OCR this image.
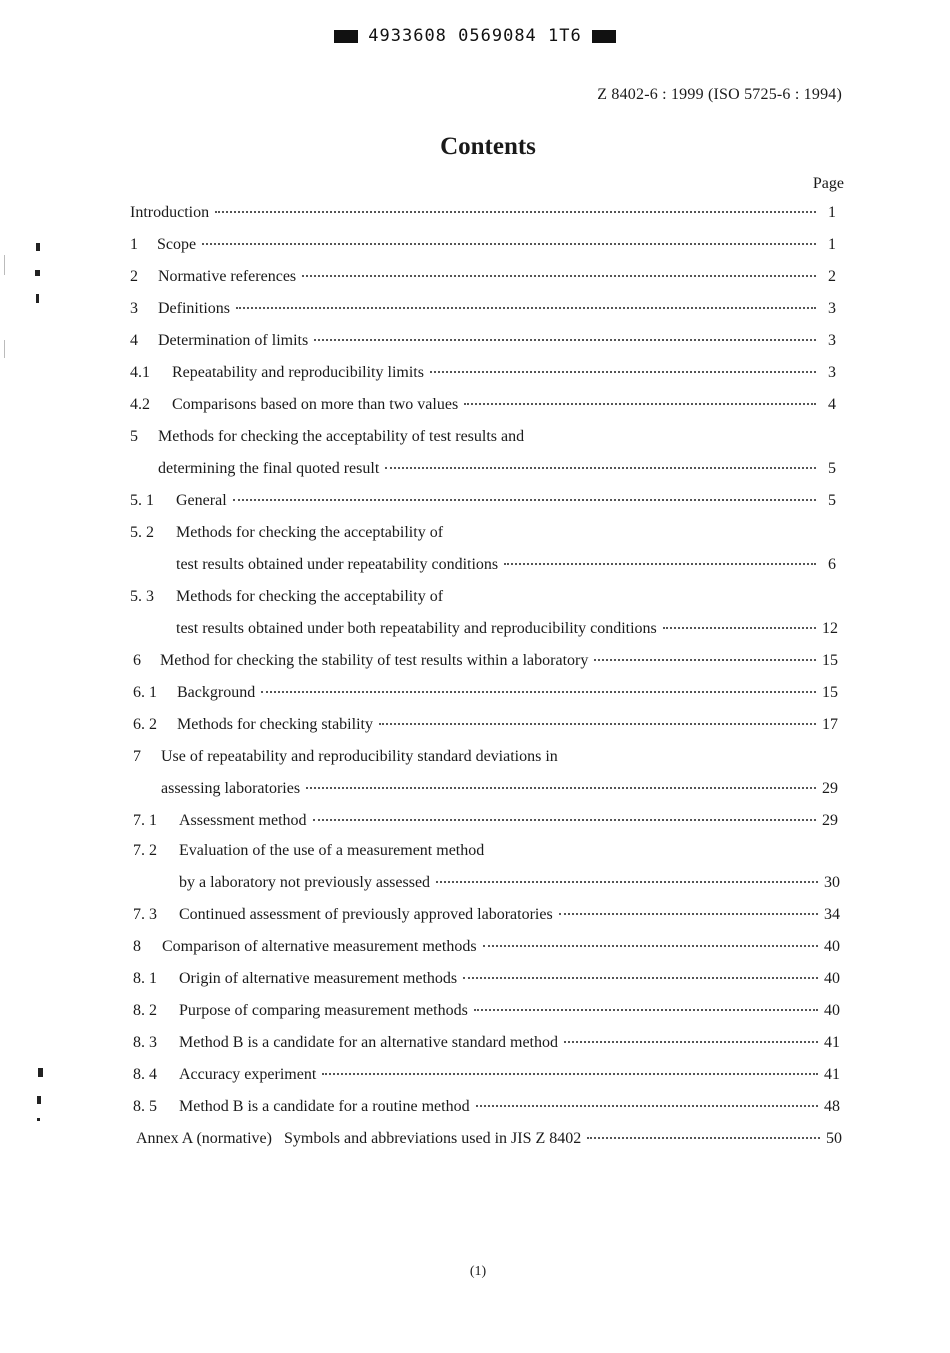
4933608 0569084 1T6
Z 8402-6 : 1999 (ISO 5725-6 : 1994)
Contents
Page
Introduction	1
1	Scope	1
2	Normative references	2
3	Definitions	3
4	Determination of limits	3
4.1	Repeatability and reproducibility limits	3
4.2	Comparisons based on more than two values	4
5	Methods for checking the acceptability of test results and
determining the final quoted result	5
5. 1	General	5
5. 2	Methods for checking the acceptability of
test results obtained under repeatability conditions	6
5. 3	Methods for checking the acceptability of
test results obtained under both repeatability and reproducibility conditions	12
6	Method for checking the stability of test results within a laboratory	15
6. 1	Background	15
6. 2	Methods for checking stability	17
7	Use of repeatability and reproducibility standard deviations in
assessing laboratories	29
7. 1	Assessment method	29
7. 2	Evaluation of the use of a measurement method
by a laboratory not previously assessed	30
7. 3	Continued assessment of previously approved laboratories	34
8	Comparison of alternative measurement methods	40
8. 1	Origin of alternative measurement methods	40
8. 2	Purpose of comparing measurement methods	40
8. 3	Method B is a candidate for an alternative standard method	41
8. 4	Accuracy experiment	41
8. 5	Method B is a candidate for a routine method	48
Annex A (normative)   Symbols and abbreviations used in JIS Z 8402	50
(1)
